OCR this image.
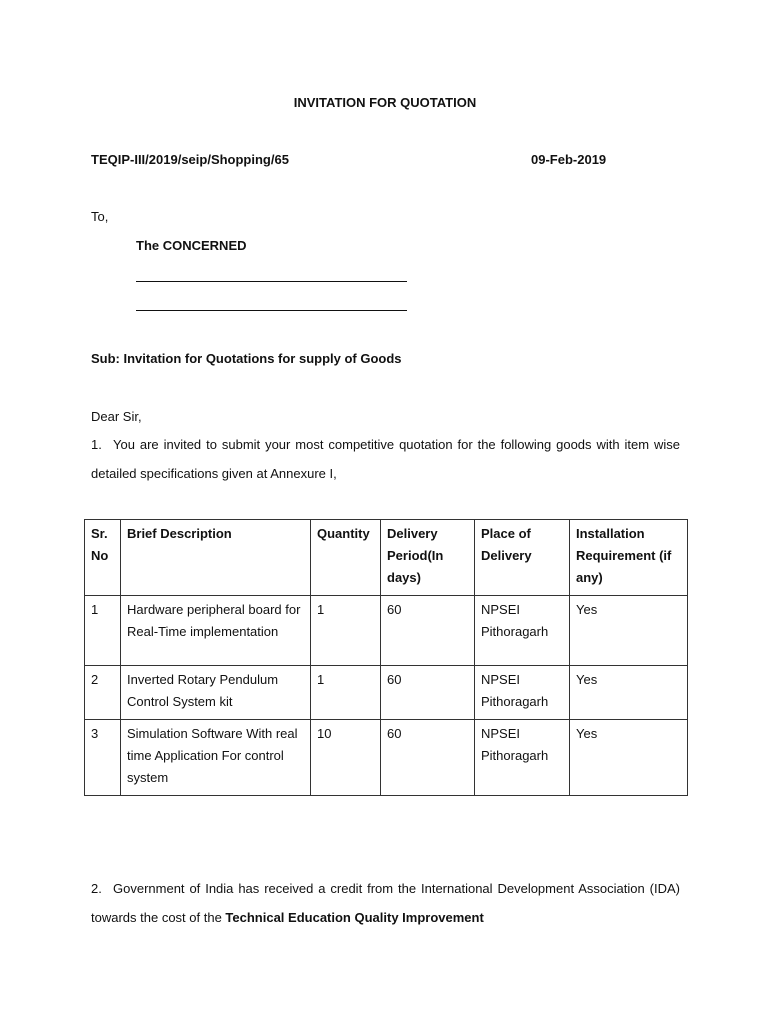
INVITATION FOR QUOTATION
TEQIP-III/2019/seip/Shopping/65	09-Feb-2019
To,
The CONCERNED
Sub: Invitation for Quotations for supply of Goods
Dear Sir,
1. You are invited to submit your most competitive quotation for the following goods with item wise detailed specifications given at Annexure I,
Sr. No	Brief Description	Quantity	Delivery Period(In days)	Place of Delivery	Installation Requirement (if any)
1	Hardware peripheral board for Real-Time implementation	1	60	NPSEI Pithoragarh	Yes
2	Inverted Rotary Pendulum Control System kit	1	60	NPSEI Pithoragarh	Yes
3	Simulation Software With real time Application For control system	10	60	NPSEI Pithoragarh	Yes
2. Government of India has received a credit from the International Development Association (IDA) towards the cost of the Technical Education Quality Improvement
